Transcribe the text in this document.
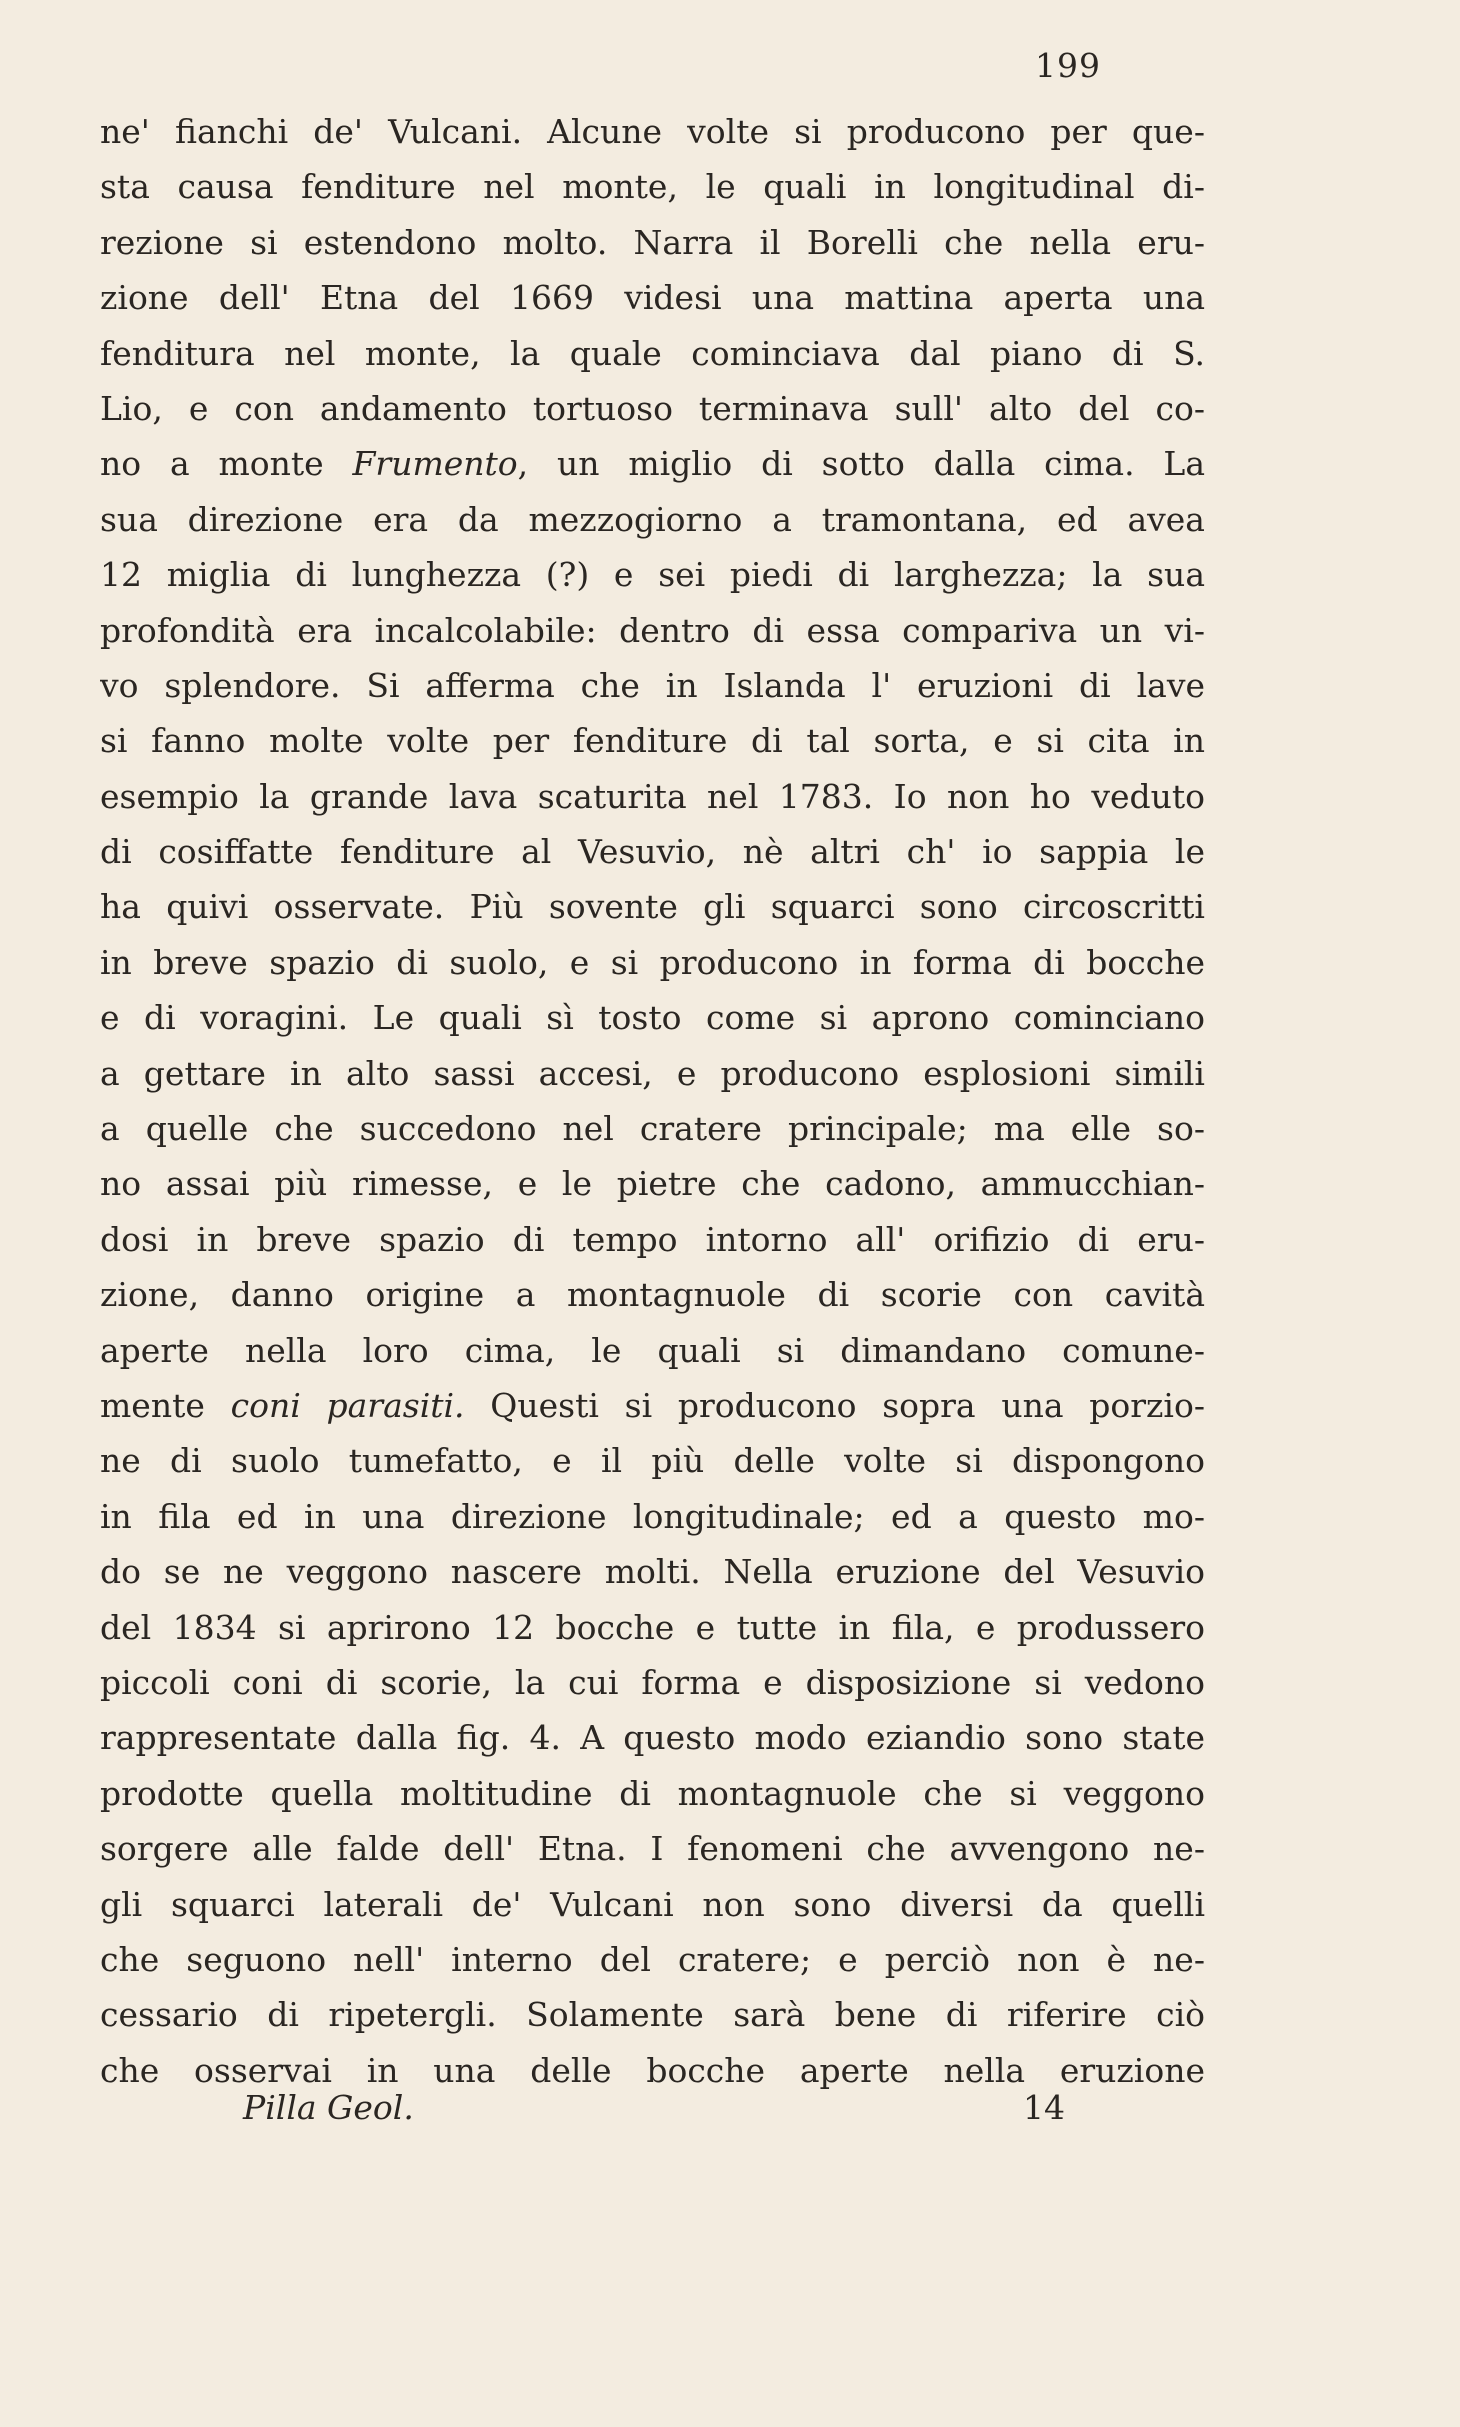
199
ne' fianchi de' Vulcani. Alcune volte si producono per que-
sta causa fenditure nel monte, le quali in longitudinal di-
rezione si estendono molto. Narra il Borelli che nella eru-
zione dell' Etna del 1669 videsi una mattina aperta una
fenditura nel monte, la quale cominciava dal piano di S.
Lio, e con andamento tortuoso terminava sull' alto del co-
no a monte Frumento, un miglio di sotto dalla cima. La
sua direzione era da mezzogiorno a tramontana, ed avea
12 miglia di lunghezza (?) e sei piedi di larghezza; la sua
profondità era incalcolabile: dentro di essa compariva un vi-
vo splendore. Si afferma che in Islanda l' eruzioni di lave
si fanno molte volte per fenditure di tal sorta, e si cita in
esempio la grande lava scaturita nel 1783. Io non ho veduto
di cosiffatte fenditure al Vesuvio, nè altri ch' io sappia le
ha quivi osservate. Più sovente gli squarci sono circoscritti
in breve spazio di suolo, e si producono in forma di bocche
e di voragini. Le quali sì tosto come si aprono cominciano
a gettare in alto sassi accesi, e producono esplosioni simili
a quelle che succedono nel cratere principale; ma elle so-
no assai più rimesse, e le pietre che cadono, ammucchian-
dosi in breve spazio di tempo intorno all' orifizio di eru-
zione, danno origine a montagnuole di scorie con cavità
aperte nella loro cima, le quali si dimandano comune-
mente coni parasiti. Questi si producono sopra una porzio-
ne di suolo tumefatto, e il più delle volte si dispongono
in fila ed in una direzione longitudinale; ed a questo mo-
do se ne veggono nascere molti. Nella eruzione del Vesuvio
del 1834 si aprirono 12 bocche e tutte in fila, e produssero
piccoli coni di scorie, la cui forma e disposizione si vedono
rappresentate dalla fig. 4. A questo modo eziandio sono state
prodotte quella moltitudine di montagnuole che si veggono
sorgere alle falde dell' Etna. I fenomeni che avvengono ne-
gli squarci laterali de' Vulcani non sono diversi da quelli
che seguono nell' interno del cratere; e perciò non è ne-
cessario di ripetergli. Solamente sarà bene di riferire ciò
che osservai in una delle bocche aperte nella eruzione
Pilla Geol.	14
